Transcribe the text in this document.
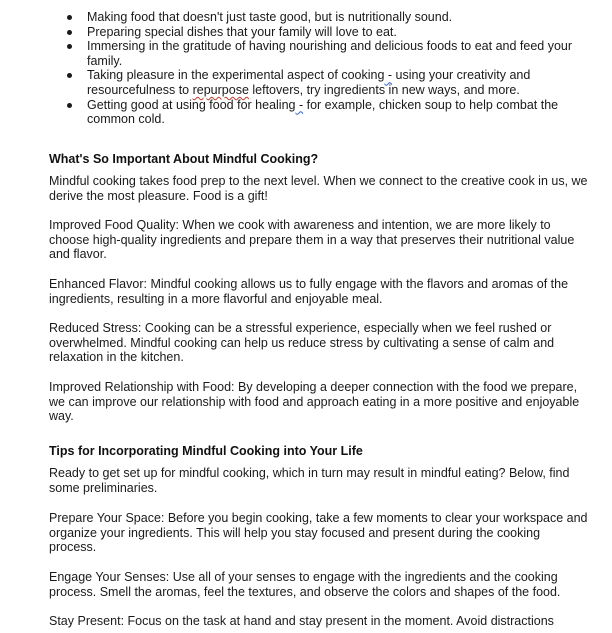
Making food that doesn't just taste good, but is nutritionally sound.
Preparing special dishes that your family will love to eat.
Immersing in the gratitude of having nourishing and delicious foods to eat and feed your family.
Taking pleasure in the experimental aspect of cooking - using your creativity and resourcefulness to repurpose leftovers, try ingredients in new ways, and more.
Getting good at using food for healing - for example, chicken soup to help combat the common cold.

What's So Important About Mindful Cooking?

Mindful cooking takes food prep to the next level. When we connect to the creative cook in us, we derive the most pleasure. Food is a gift!

Improved Food Quality: When we cook with awareness and intention, we are more likely to choose high-quality ingredients and prepare them in a way that preserves their nutritional value and flavor.

Enhanced Flavor: Mindful cooking allows us to fully engage with the flavors and aromas of the ingredients, resulting in a more flavorful and enjoyable meal.

Reduced Stress: Cooking can be a stressful experience, especially when we feel rushed or overwhelmed. Mindful cooking can help us reduce stress by cultivating a sense of calm and relaxation in the kitchen.

Improved Relationship with Food: By developing a deeper connection with the food we prepare, we can improve our relationship with food and approach eating in a more positive and enjoyable way.

Tips for Incorporating Mindful Cooking into Your Life

Ready to get set up for mindful cooking, which in turn may result in mindful eating? Below, find some preliminaries.

Prepare Your Space: Before you begin cooking, take a few moments to clear your workspace and organize your ingredients. This will help you stay focused and present during the cooking process.

Engage Your Senses: Use all of your senses to engage with the ingredients and the cooking process. Smell the aromas, feel the textures, and observe the colors and shapes of the food.

Stay Present: Focus on the task at hand and stay present in the moment. Avoid distractions
